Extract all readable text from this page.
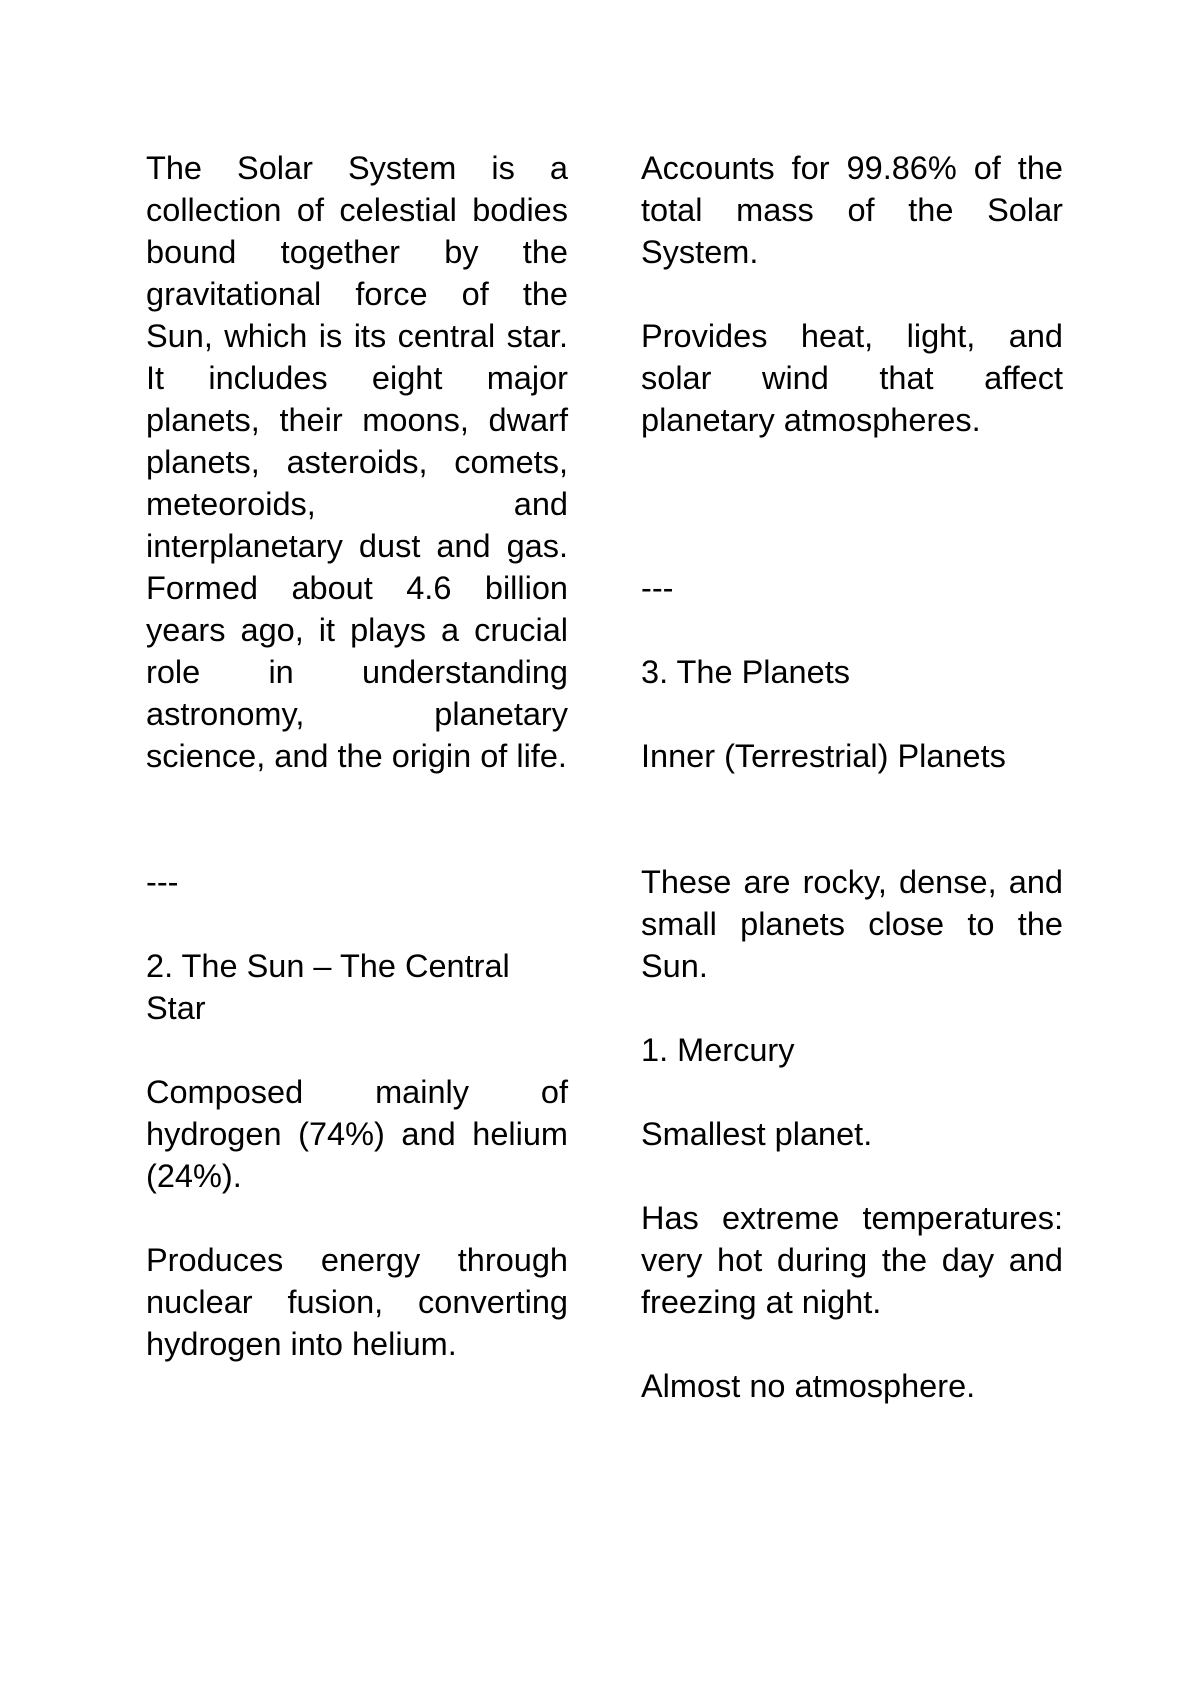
The Solar System is a collection of celestial bodies bound together by the gravitational force of the Sun, which is its central star. It includes eight major planets, their moons, dwarf planets, asteroids, comets, meteoroids, and interplanetary dust and gas. Formed about 4.6 billion years ago, it plays a crucial role in understanding astronomy, planetary science, and the origin of life.

---

2. The Sun – The Central Star

Composed mainly of hydrogen (74%) and helium (24%).

Produces energy through nuclear fusion, converting hydrogen into helium.

Accounts for 99.86% of the total mass of the Solar System.

Provides heat, light, and solar wind that affect planetary atmospheres.

---

3. The Planets

Inner (Terrestrial) Planets

These are rocky, dense, and small planets close to the Sun.

1. Mercury

Smallest planet.

Has extreme temperatures: very hot during the day and freezing at night.

Almost no atmosphere.
